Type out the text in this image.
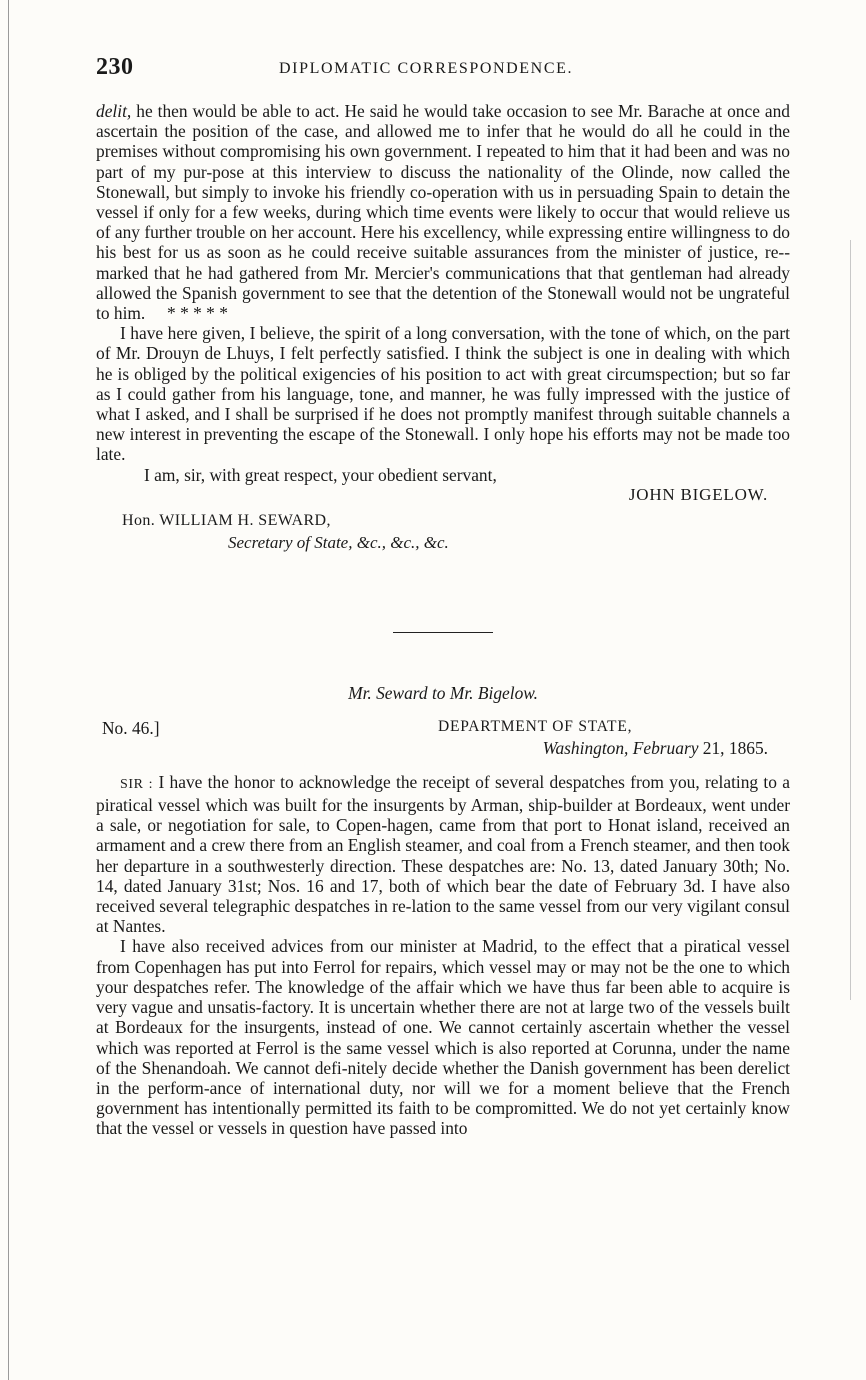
230	DIPLOMATIC CORRESPONDENCE.

delit, he then would be able to act. He said he would take occasion to see Mr. Barache at once and ascertain the position of the case, and allowed me to infer that he would do all he could in the premises without compromising his own government. I repeated to him that it had been and was no part of my pur-pose at this interview to discuss the nationality of the Olinde, now called the Stonewall, but simply to invoke his friendly co-operation with us in persuading Spain to detain the vessel if only for a few weeks, during which time events were likely to occur that would relieve us of any further trouble on her account. Here his excellency, while expressing entire willingness to do his best for us as soon as he could receive suitable assurances from the minister of justice, re-marked that he had gathered from Mr. Mercier's communications that that gentleman had already allowed the Spanish government to see that the detention of the Stonewall would not be ungrateful to him. * * * * *

I have here given, I believe, the spirit of a long conversation, with the tone of which, on the part of Mr. Drouyn de Lhuys, I felt perfectly satisfied. I think the subject is one in dealing with which he is obliged by the political exigencies of his position to act with great circumspection; but so far as I could gather from his language, tone, and manner, he was fully impressed with the justice of what I asked, and I shall be surprised if he does not promptly manifest through suitable channels a new interest in preventing the escape of the Stonewall. I only hope his efforts may not be made too late.

I am, sir, with great respect, your obedient servant,

JOHN BIGELOW.
Hon. WILLIAM H. SEWARD,
Secretary of State, &c., &c., &c.
Mr. Seward to Mr. Bigelow.
No. 46.]	DEPARTMENT OF STATE,
Washington, February 21, 1865.

SIR : I have the honor to acknowledge the receipt of several despatches from you, relating to a piratical vessel which was built for the insurgents by Arman, ship-builder at Bordeaux, went under a sale, or negotiation for sale, to Copen-hagen, came from that port to Honat island, received an armament and a crew there from an English steamer, and coal from a French steamer, and then took her departure in a southwesterly direction. These despatches are: No. 13, dated January 30th; No. 14, dated January 31st; Nos. 16 and 17, both of which bear the date of February 3d. I have also received several telegraphic despatches in re-lation to the same vessel from our very vigilant consul at Nantes.

I have also received advices from our minister at Madrid, to the effect that a piratical vessel from Copenhagen has put into Ferrol for repairs, which vessel may or may not be the one to which your despatches refer. The knowledge of the affair which we have thus far been able to acquire is very vague and unsatis-factory. It is uncertain whether there are not at large two of the vessels built at Bordeaux for the insurgents, instead of one. We cannot certainly ascertain whether the vessel which was reported at Ferrol is the same vessel which is also reported at Corunna, under the name of the Shenandoah. We cannot defi-nitely decide whether the Danish government has been derelict in the perform-ance of international duty, nor will we for a moment believe that the French government has intentionally permitted its faith to be compromitted. We do not yet certainly know that the vessel or vessels in question have passed into
